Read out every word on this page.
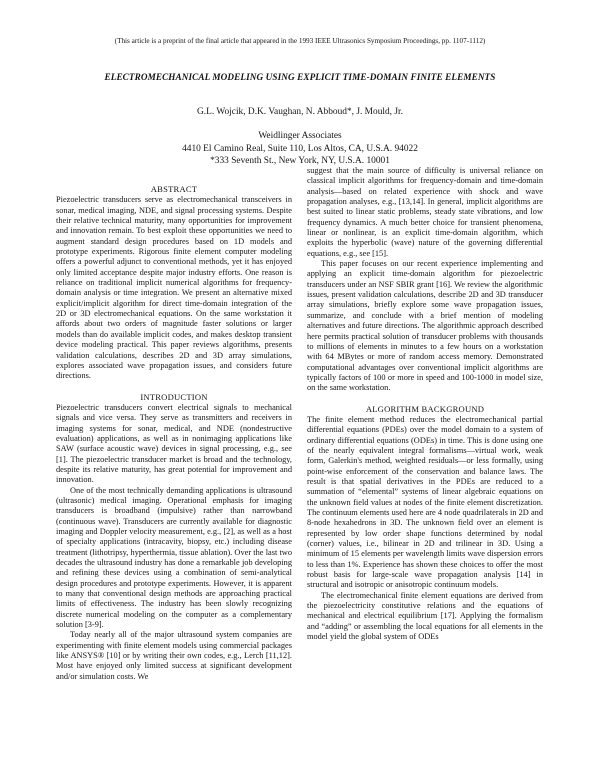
(This article is a preprint of the final article that appeared in the 1993 IEEE Ultrasonics Symposium Proceedings, pp. 1107-1112)
ELECTROMECHANICAL MODELING USING EXPLICIT TIME-DOMAIN FINITE ELEMENTS
G.L. Wojcik, D.K. Vaughan, N. Abboud*, J. Mould, Jr.
Weidlinger Associates
4410 El Camino Real, Suite 110, Los Altos, CA, U.S.A. 94022
*333 Seventh St., New York, NY, U.S.A. 10001
ABSTRACT

Piezoelectric transducers serve as electromechanical transceivers in sonar, medical imaging, NDE, and signal processing systems. Despite their relative technical maturity, many opportunities for improvement and innovation remain. To best exploit these opportunities we need to augment standard design procedures based on 1D models and prototype experiments. Rigorous finite element computer modeling offers a powerful adjunct to conventional methods, yet it has enjoyed only limited acceptance despite major industry efforts. One reason is reliance on traditional implicit numerical algorithms for frequency-domain analysis or time integration. We present an alternative mixed explicit/implicit algorithm for direct time-domain integration of the 2D or 3D electromechanical equations. On the same workstation it affords about two orders of magnitude faster solutions or larger models than do available implicit codes, and makes desktop transient device modeling practical. This paper reviews algorithms, presents validation calculations, describes 2D and 3D array simulations, explores associated wave propagation issues, and considers future directions.

INTRODUCTION

Piezoelectric transducers convert electrical signals to mechanical signals and vice versa. They serve as transmitters and receivers in imaging systems for sonar, medical, and NDE (nondestructive evaluation) applications, as well as in nonimaging applications like SAW (surface acoustic wave) devices in signal processing, e.g., see [1]. The piezoelectric transducer market is broad and the technology, despite its relative maturity, has great potential for improvement and innovation.

One of the most technically demanding applications is ultrasound (ultrasonic) medical imaging. Operational emphasis for imaging transducers is broadband (impulsive) rather than narrowband (continuous wave). Transducers are currently available for diagnostic imaging and Doppler velocity measurement, e.g., [2], as well as a host of specialty applications (intracavity, biopsy, etc.) including disease treatment (lithotripsy, hyperthermia, tissue ablation). Over the last two decades the ultrasound industry has done a remarkable job developing and refining these devices using a combination of semi-analytical design procedures and prototype experiments. However, it is apparent to many that conventional design methods are approaching practical limits of effectiveness. The industry has been slowly recognizing discrete numerical modeling on the computer as a complementary solution [3-9].

Today nearly all of the major ultrasound system companies are experimenting with finite element models using commercial packages like ANSYS® [10] or by writing their own codes, e.g., Lerch [11,12]. Most have enjoyed only limited success at significant development and/or simulation costs. We

suggest that the main source of difficulty is universal reliance on classical implicit algorithms for frequency-domain and time-domain analysis—based on related experience with shock and wave propagation analyses, e.g., [13,14]. In general, implicit algorithms are best suited to linear static problems, steady state vibrations, and low frequency dynamics. A much better choice for transient phenomena, linear or nonlinear, is an explicit time-domain algorithm, which exploits the hyperbolic (wave) nature of the governing differential equations, e.g., see [15].

This paper focuses on our recent experience implementing and applying an explicit time-domain algorithm for piezoelectric transducers under an NSF SBIR grant [16]. We review the algorithmic issues, present validation calculations, describe 2D and 3D transducer array simulations, briefly explore some wave propagation issues, summarize, and conclude with a brief mention of modeling alternatives and future directions. The algorithmic approach described here permits practical solution of transducer problems with thousands to millions of elements in minutes to a few hours on a workstation with 64 MBytes or more of random access memory. Demonstrated computational advantages over conventional implicit algorithms are typically factors of 100 or more in speed and 100-1000 in model size, on the same workstation.

ALGORITHM BACKGROUND

The finite element method reduces the electromechanical partial differential equations (PDEs) over the model domain to a system of ordinary differential equations (ODEs) in time. This is done using one of the nearly equivalent integral formalisms—virtual work, weak form, Galerkin's method, weighted residuals—or less formally, using point-wise enforcement of the conservation and balance laws. The result is that spatial derivatives in the PDEs are reduced to a summation of “elemental” systems of linear algebraic equations on the unknown field values at nodes of the finite element discretization. The continuum elements used here are 4 node quadrilaterals in 2D and 8-node hexahedrons in 3D. The unknown field over an element is represented by low order shape functions determined by nodal (corner) values, i.e., bilinear in 2D and trilinear in 3D. Using a minimum of 15 elements per wavelength limits wave dispersion errors to less than 1%. Experience has shown these choices to offer the most robust basis for large-scale wave propagation analysis [14] in structural and isotropic or anisotropic continuum models.

The electromechanical finite element equations are derived from the piezoelectricity constitutive relations and the equations of mechanical and electrical equilibrium [17]. Applying the formalism and “adding” or assembling the local equations for all elements in the model yield the global system of ODEs
